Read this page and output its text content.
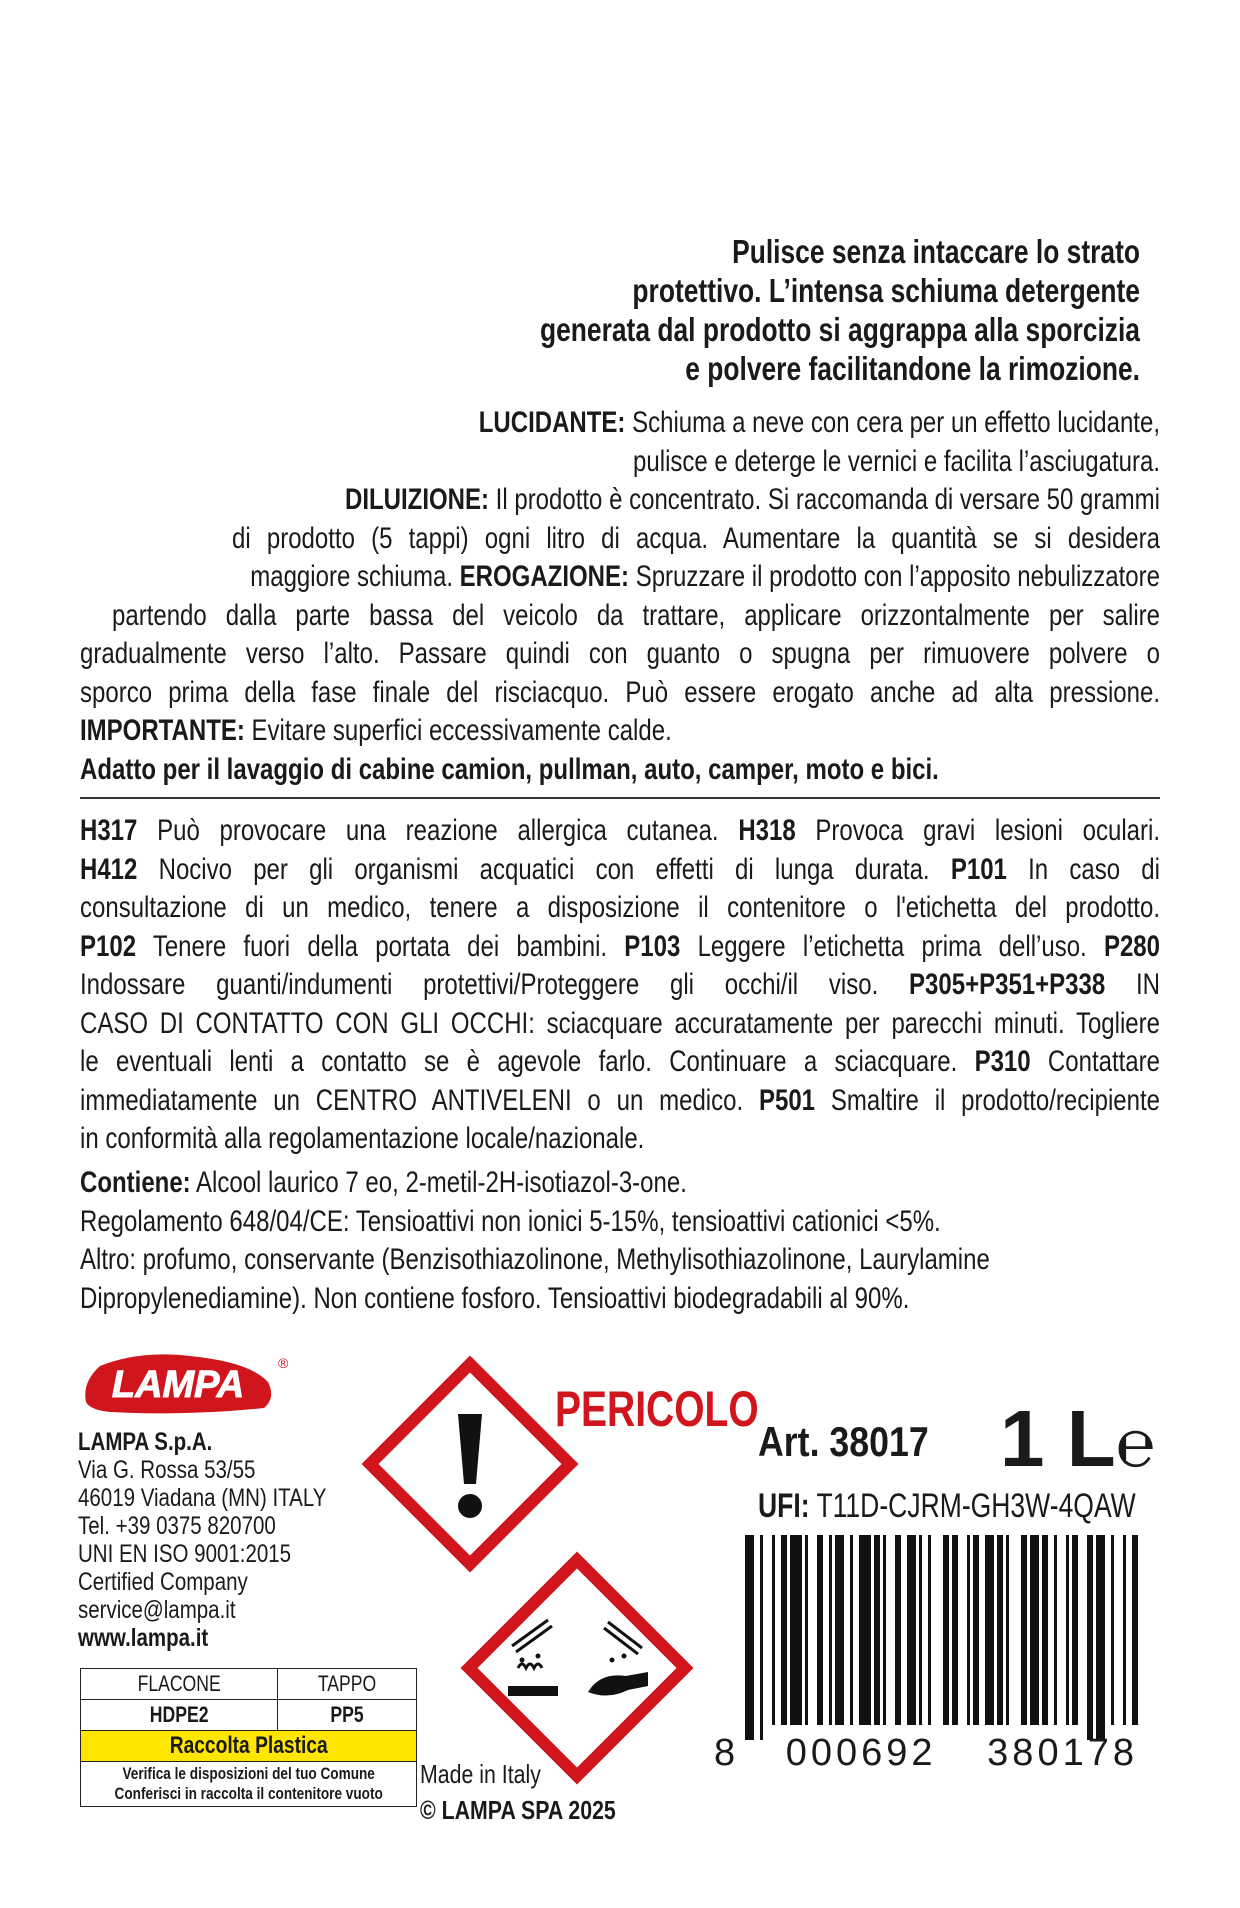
Pulisce senza intaccare lo strato
protettivo. L’intensa schiuma detergente
generata dal prodotto si aggrappa alla sporcizia
e polvere facilitandone la rimozione.
LUCIDANTE: Schiuma a neve con cera per un effetto lucidante,
pulisce e deterge le vernici e facilita l’asciugatura.
DILUIZIONE: Il prodotto è concentrato. Si raccomanda di versare 50 grammi
di prodotto (5 tappi) ogni litro di acqua. Aumentare la quantità se si desidera
maggiore schiuma. EROGAZIONE: Spruzzare il prodotto con l’apposito nebulizzatore
partendo dalla parte bassa del veicolo da trattare, applicare orizzontalmente per salire
gradualmente verso l’alto. Passare quindi con guanto o spugna per rimuovere polvere o
sporco prima della fase finale del risciacquo. Può essere erogato anche ad alta pressione.
IMPORTANTE: Evitare superfici eccessivamente calde.
Adatto per il lavaggio di cabine camion, pullman, auto, camper, moto e bici.
H317 Può provocare una reazione allergica cutanea. H318 Provoca gravi lesioni oculari.
H412 Nocivo per gli organismi acquatici con effetti di lunga durata. P101 In caso di
consultazione di un medico, tenere a disposizione il contenitore o l'etichetta del prodotto.
P102 Tenere fuori della portata dei bambini. P103 Leggere l’etichetta prima dell’uso. P280
Indossare guanti/indumenti protettivi/Proteggere gli occhi/il viso. P305+P351+P338 IN
CASO DI CONTATTO CON GLI OCCHI: sciacquare accuratamente per parecchi minuti. Togliere
le eventuali lenti a contatto se è agevole farlo. Continuare a sciacquare. P310 Contattare
immediatamente un CENTRO ANTIVELENI o un medico. P501 Smaltire il prodotto/recipiente
in conformità alla regolamentazione locale/nazionale.
Contiene: Alcool laurico 7 eo, 2-metil-2H-isotiazol-3-one.
Regolamento 648/04/CE: Tensioattivi non ionici 5-15%, tensioattivi cationici <5%.
Altro: profumo, conservante (Benzisothiazolinone, Methylisothiazolinone, Laurylamine
Dipropylenediamine). Non contiene fosforo. Tensioattivi biodegradabili al 90%.
LAMPA
®
LAMPA S.p.A.
Via G. Rossa 53/55
46019 Viadana (MN) ITALY
Tel. +39 0375 820700
UNI EN ISO 9001:2015
Certified Company
service@lampa.it
www.lampa.it
PERICOLO
Art. 38017 1 L℮
UFI: T11D-CJRM-GH3W-4QAW
8 000692 380178
FLACONE	TAPPO

HDPE2	PP5

Raccolta Plastica	

Verifica le disposizioni del tuo Comune
Conferisci in raccolta il contenitore vuoto	
Made in Italy
© LAMPA SPA 2025
